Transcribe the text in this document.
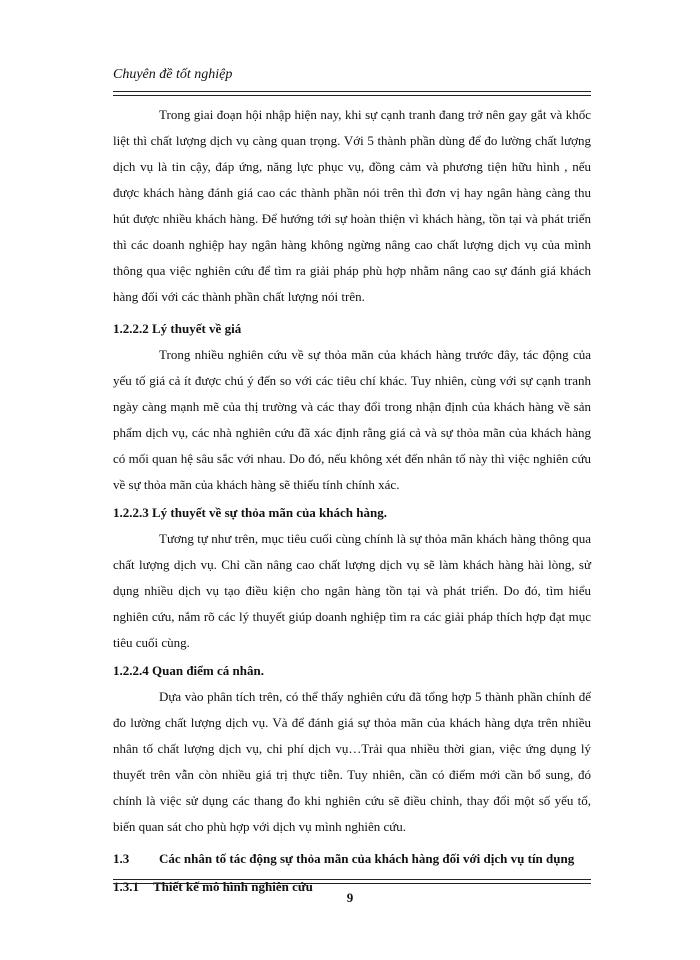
Chuyên đề tốt nghiệp

Trong giai đoạn hội nhập hiện nay, khi sự cạnh tranh đang trở nên gay gắt và khốc liệt thì chất lượng dịch vụ càng quan trọng. Với 5 thành phần dùng để đo lường chất lượng dịch vụ là tin cậy, đáp ứng, năng lực phục vụ, đồng cảm và phương tiện hữu hình , nếu được khách hàng đánh giá cao các thành phần nói trên thì đơn vị hay ngân hàng càng thu hút được nhiều khách hàng. Để hướng tới sự hoàn thiện vì khách hàng, tồn tại và phát triển thì các doanh nghiệp hay ngân hàng không ngừng nâng cao chất lượng dịch vụ của mình thông qua việc nghiên cứu để tìm ra giải pháp phù hợp nhằm nâng cao sự đánh giá khách hàng đối với các thành phần chất lượng nói trên.

1.2.2.2 Lý thuyết về giá

Trong nhiều nghiên cứu về sự thỏa mãn của khách hàng trước đây, tác động của yếu tố giá cả ít được chú ý đến so với các tiêu chí khác. Tuy nhiên, cùng với sự cạnh tranh ngày càng mạnh mẽ của thị trường và các thay đổi trong nhận định của khách hàng về sản phẩm dịch vụ, các nhà nghiên cứu đã xác định rằng giá cả và sự thỏa mãn của khách hàng có mối quan hệ sâu sắc với nhau. Do đó, nếu không xét đến nhân tố này thì việc nghiên cứu về sự thỏa mãn của khách hàng sẽ thiếu tính chính xác.

1.2.2.3 Lý thuyết về sự thỏa mãn của khách hàng.

Tương tự như trên, mục tiêu cuối cùng chính là sự thỏa mãn khách hàng thông qua chất lượng dịch vụ. Chỉ cần nâng cao chất lượng dịch vụ sẽ làm khách hàng hài lòng, sử dụng nhiều dịch vụ tạo điều kiện cho ngân hàng tồn tại và phát triển. Do đó, tìm hiểu nghiên cứu, nắm rõ các lý thuyết giúp doanh nghiệp tìm ra các giải pháp thích hợp đạt mục tiêu cuối cùng.

1.2.2.4 Quan điểm cá nhân.

Dựa vào phân tích trên, có thể thấy nghiên cứu đã tổng hợp 5 thành phần chính để đo lường chất lượng dịch vụ. Và để đánh giá sự thỏa mãn của khách hàng dựa trên nhiều nhân tố chất lượng dịch vụ, chi phí dịch vụ…Trải qua nhiều thời gian, việc ứng dụng lý thuyết trên vẫn còn nhiều giá trị thực tiễn. Tuy nhiên, cần có điểm mới cần bổ sung, đó chính là việc sử dụng các thang đo khi nghiên cứu sẽ điều chỉnh, thay đổi một số yếu tố, biến quan sát cho phù hợp với dịch vụ mình nghiên cứu.

1.3 Các nhân tố tác động sự thỏa mãn của khách hàng đối với dịch vụ tín dụng

1.3.1 Thiết kế mô hình nghiên cứu

9
